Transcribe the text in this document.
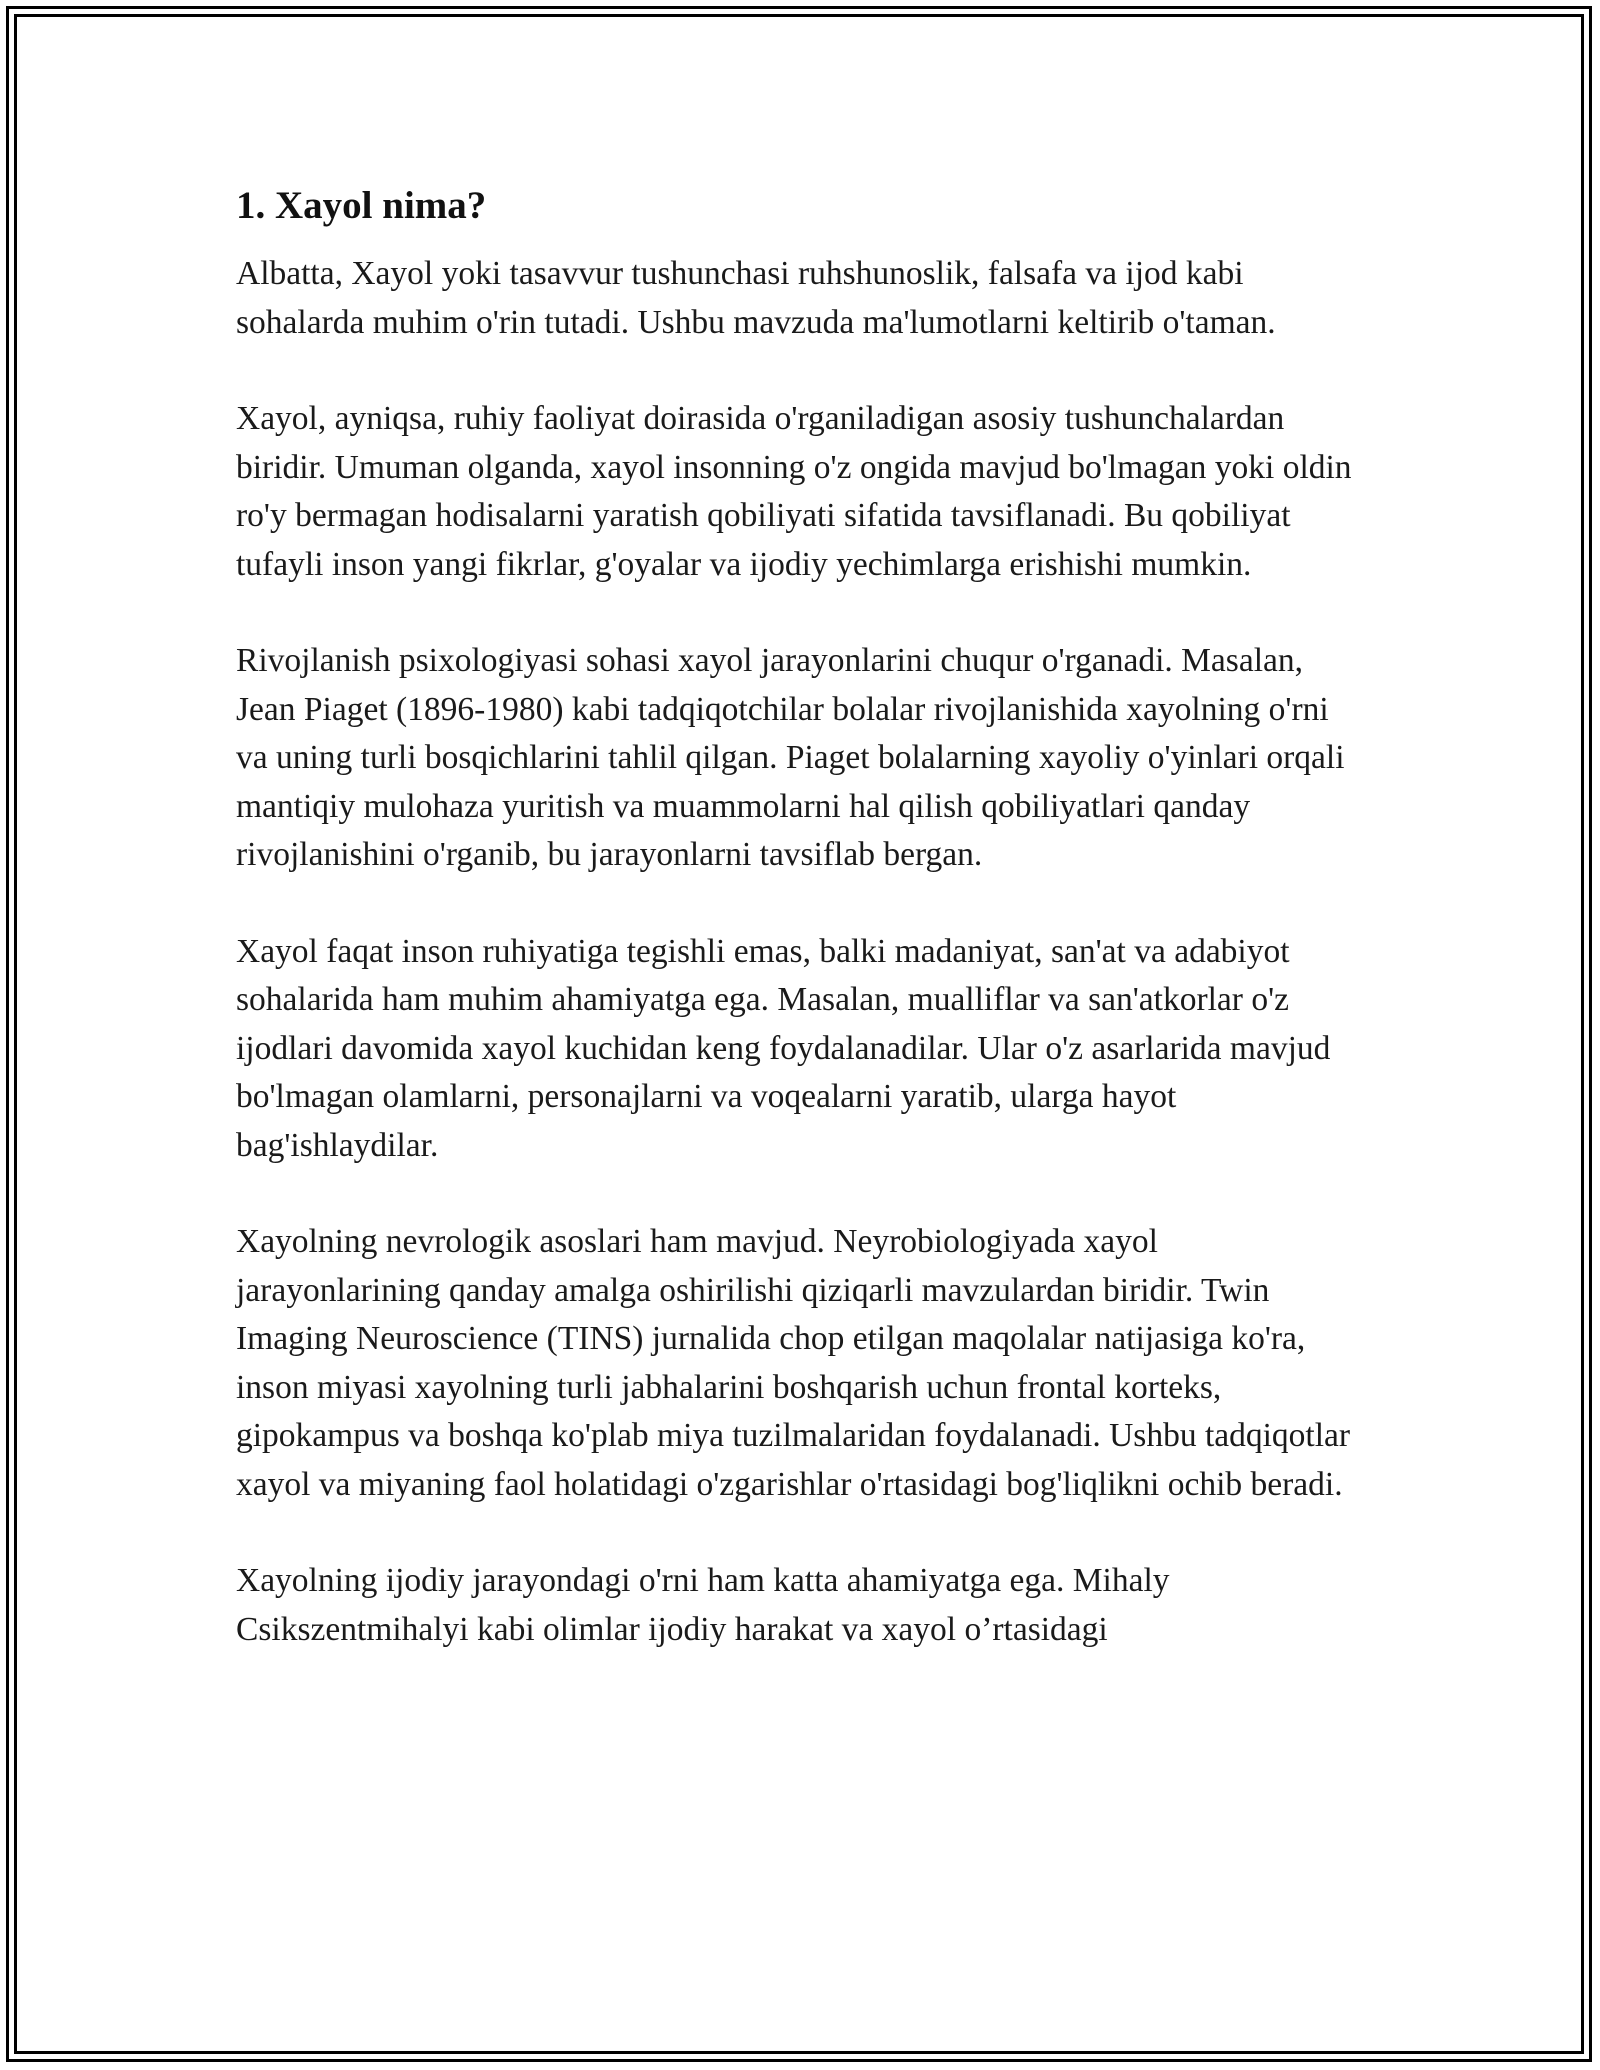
1. Xayol nima?

Albatta, Xayol yoki tasavvur tushunchasi ruhshunoslik, falsafa va ijod kabi sohalarda muhim o'rin tutadi. Ushbu mavzuda ma'lumotlarni keltirib o'taman.

Xayol, ayniqsa, ruhiy faoliyat doirasida o'rganiladigan asosiy tushunchalardan biridir. Umuman olganda, xayol insonning o'z ongida mavjud bo'lmagan yoki oldin ro'y bermagan hodisalarni yaratish qobiliyati sifatida tavsiflanadi. Bu qobiliyat tufayli inson yangi fikrlar, g'oyalar va ijodiy yechimlarga erishishi mumkin.

Rivojlanish psixologiyasi sohasi xayol jarayonlarini chuqur o'rganadi. Masalan, Jean Piaget (1896-1980) kabi tadqiqotchilar bolalar rivojlanishida xayolning o'rni va uning turli bosqichlarini tahlil qilgan. Piaget bolalarning xayoliy o'yinlari orqali mantiqiy mulohaza yuritish va muammolarni hal qilish qobiliyatlari qanday rivojlanishini o'rganib, bu jarayonlarni tavsiflab bergan.

Xayol faqat inson ruhiyatiga tegishli emas, balki madaniyat, san'at va adabiyot sohalarida ham muhim ahamiyatga ega. Masalan, mualliflar va san'atkorlar o'z ijodlari davomida xayol kuchidan keng foydalanadilar. Ular o'z asarlarida mavjud bo'lmagan olamlarni, personajlarni va voqealarni yaratib, ularga hayot bag'ishlaydilar.

Xayolning nevrologik asoslari ham mavjud. Neyrobiologiyada xayol jarayonlarining qanday amalga oshirilishi qiziqarli mavzulardan biridir. Twin Imaging Neuroscience (TINS) jurnalida chop etilgan maqolalar natijasiga ko'ra, inson miyasi xayolning turli jabhalarini boshqarish uchun frontal korteks, gipokampus va boshqa ko'plab miya tuzilmalaridan foydalanadi. Ushbu tadqiqotlar xayol va miyaning faol holatidagi o'zgarishlar o'rtasidagi bog'liqlikni ochib beradi.

Xayolning ijodiy jarayondagi o'rni ham katta ahamiyatga ega. Mihaly Csikszentmihalyi kabi olimlar ijodiy harakat va xayol o’rtasidagi
